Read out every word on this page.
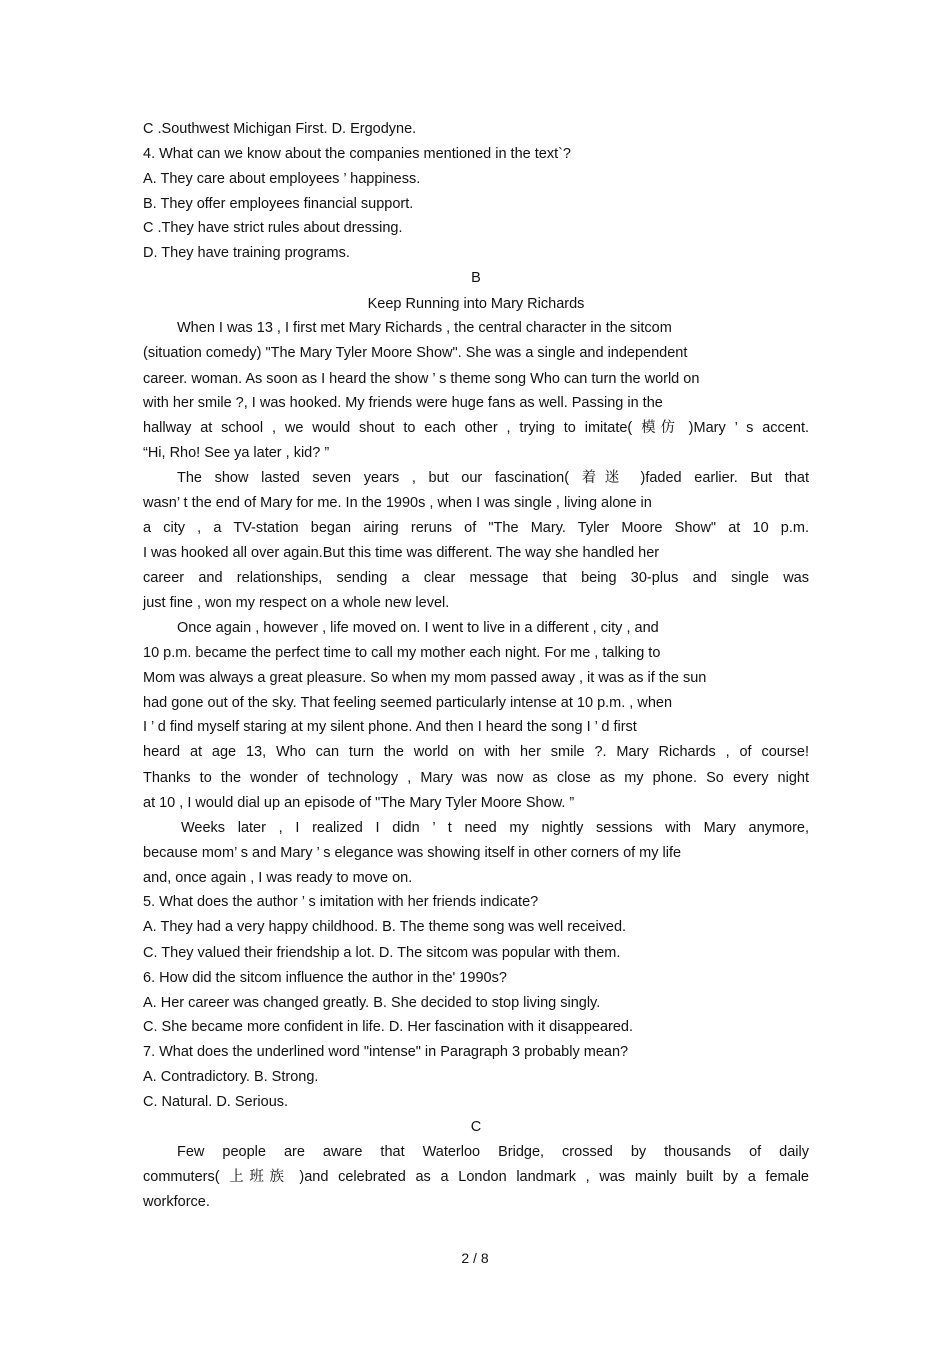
C .Southwest Michigan First. D. Ergodyne.
4. What can we know about the companies mentioned in the text`?
A. They care about employees ’ happiness.
B. They offer employees financial support.
C .They have strict rules about dressing.
D. They have training programs.
B
Keep Running into Mary Richards
When I was 13 , I first met Mary Richards , the central character in the sitcom
(situation comedy) "The Mary Tyler Moore Show". She was a single and independent
career. woman. As soon as I heard the show ’ s theme song Who can turn the world on
with her smile ?, I was hooked. My friends were huge fans as well. Passing in the
hallway at school , we would shout to each other , trying to imitate( 模仿 )Mary ’ s accent.
“Hi, Rho! See ya later , kid? ”
The show lasted seven years , but our fascination( 着迷 )faded earlier. But that
wasn’ t the end of Mary for me. In the 1990s , when I was single , living alone in
a city , a TV-station began airing reruns of "The Mary. Tyler Moore Show" at 10 p.m.
I was hooked all over again.But this time was different. The way she handled her
career and relationships, sending a clear message that being 30-plus and single was
just fine , won my respect on a whole new level.
Once again , however , life moved on. I went to live in a different , city , and
10 p.m. became the perfect time to call my mother each night. For me , talking to
Mom was always a great pleasure. So when my mom passed away , it was as if the sun
had gone out of the sky. That feeling seemed particularly intense at 10 p.m. , when
I ’ d find myself staring at my silent phone. And then I heard the song I ’ d first
heard at age 13, Who can turn the world on with her smile ?. Mary Richards , of course!
Thanks to the wonder of technology , Mary was now as close as my phone. So every night
at 10 , I would dial up an episode of "The Mary Tyler Moore Show. ”
Weeks later , I realized I didn ’ t need my nightly sessions with Mary anymore,
because mom’ s and Mary ’ s elegance was showing itself in other corners of my life
and, once again , I was ready to move on.
5. What does the author ’ s imitation with her friends indicate?
A. They had a very happy childhood. B. The theme song was well received.
C. They valued their friendship a lot. D. The sitcom was popular with them.
6. How did the sitcom influence the author in the' 1990s?
A. Her career was changed greatly. B. She decided to stop living singly.
C. She became more confident in life. D. Her fascination with it disappeared.
7. What does the underlined word "intense" in Paragraph 3 probably mean?
A. Contradictory. B. Strong.
C. Natural. D. Serious.
C
Few people are aware that Waterloo Bridge, crossed by thousands of daily
commuters( 上班族 )and celebrated as a London landmark , was mainly built by a female
workforce.
2 / 8
